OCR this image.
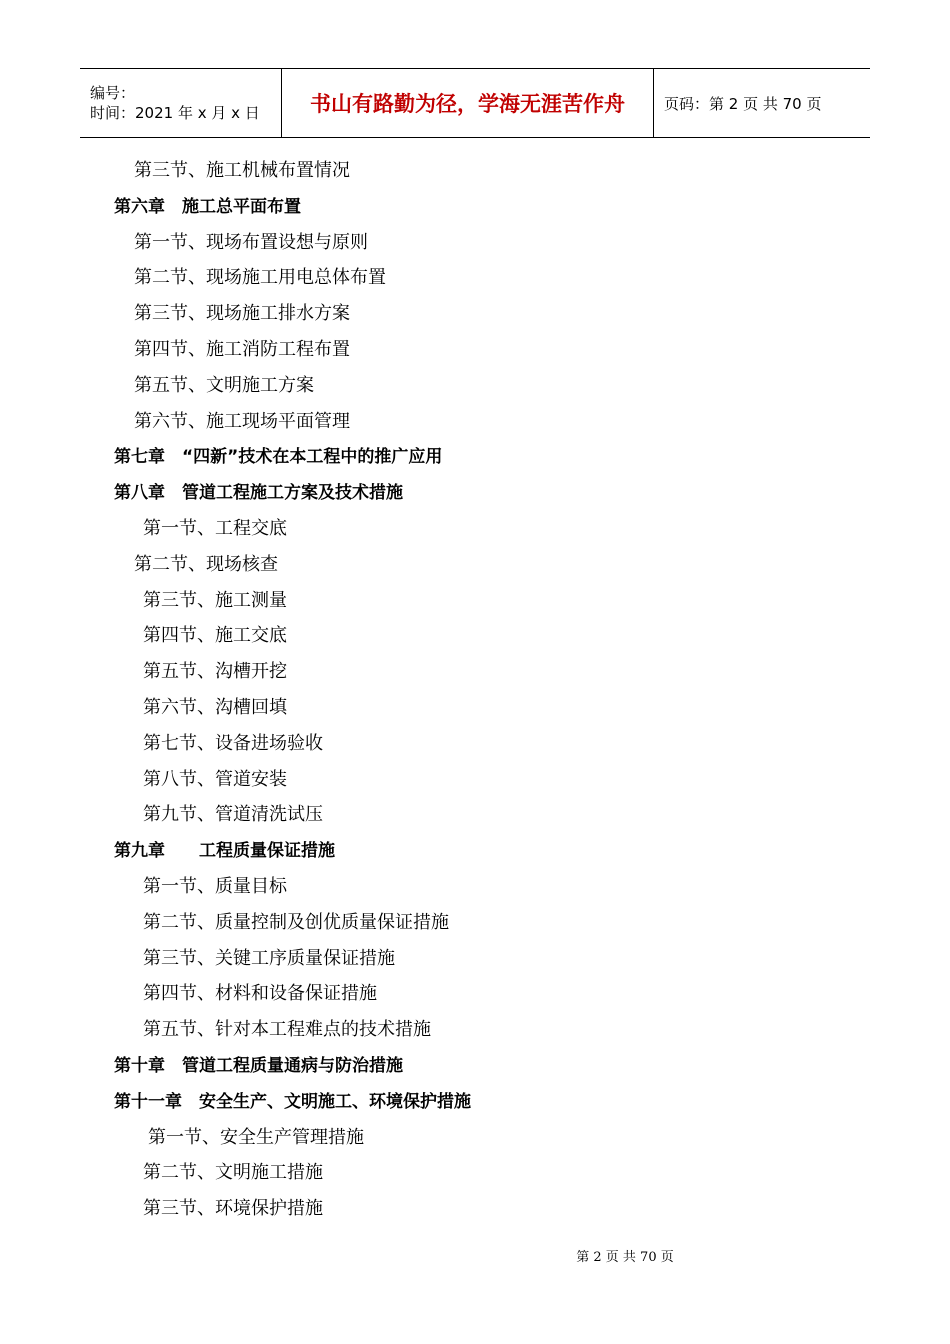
编号：
时间：2021 年 x 月 x 日	书山有路勤为径，学海无涯苦作舟	页码：第 2 页 共 70 页
第三节、施工机械布置情况
第六章　施工总平面布置
第一节、现场布置设想与原则
第二节、现场施工用电总体布置
第三节、现场施工排水方案
第四节、施工消防工程布置
第五节、文明施工方案
第六节、施工现场平面管理
第七章　“四新”技术在本工程中的推广应用
第八章　管道工程施工方案及技术措施
第一节、工程交底
第二节、现场核查
第三节、施工测量
第四节、施工交底
第五节、沟槽开挖
第六节、沟槽回填
第七节、设备进场验收
第八节、管道安装
第九节、管道清洗试压
第九章　　工程质量保证措施
第一节、质量目标
第二节、质量控制及创优质量保证措施
第三节、关键工序质量保证措施
第四节、材料和设备保证措施
第五节、针对本工程难点的技术措施
第十章　管道工程质量通病与防治措施
第十一章　安全生产、文明施工、环境保护措施
第一节、安全生产管理措施
第二节、文明施工措施
第三节、环境保护措施
第 2 页 共 70 页
